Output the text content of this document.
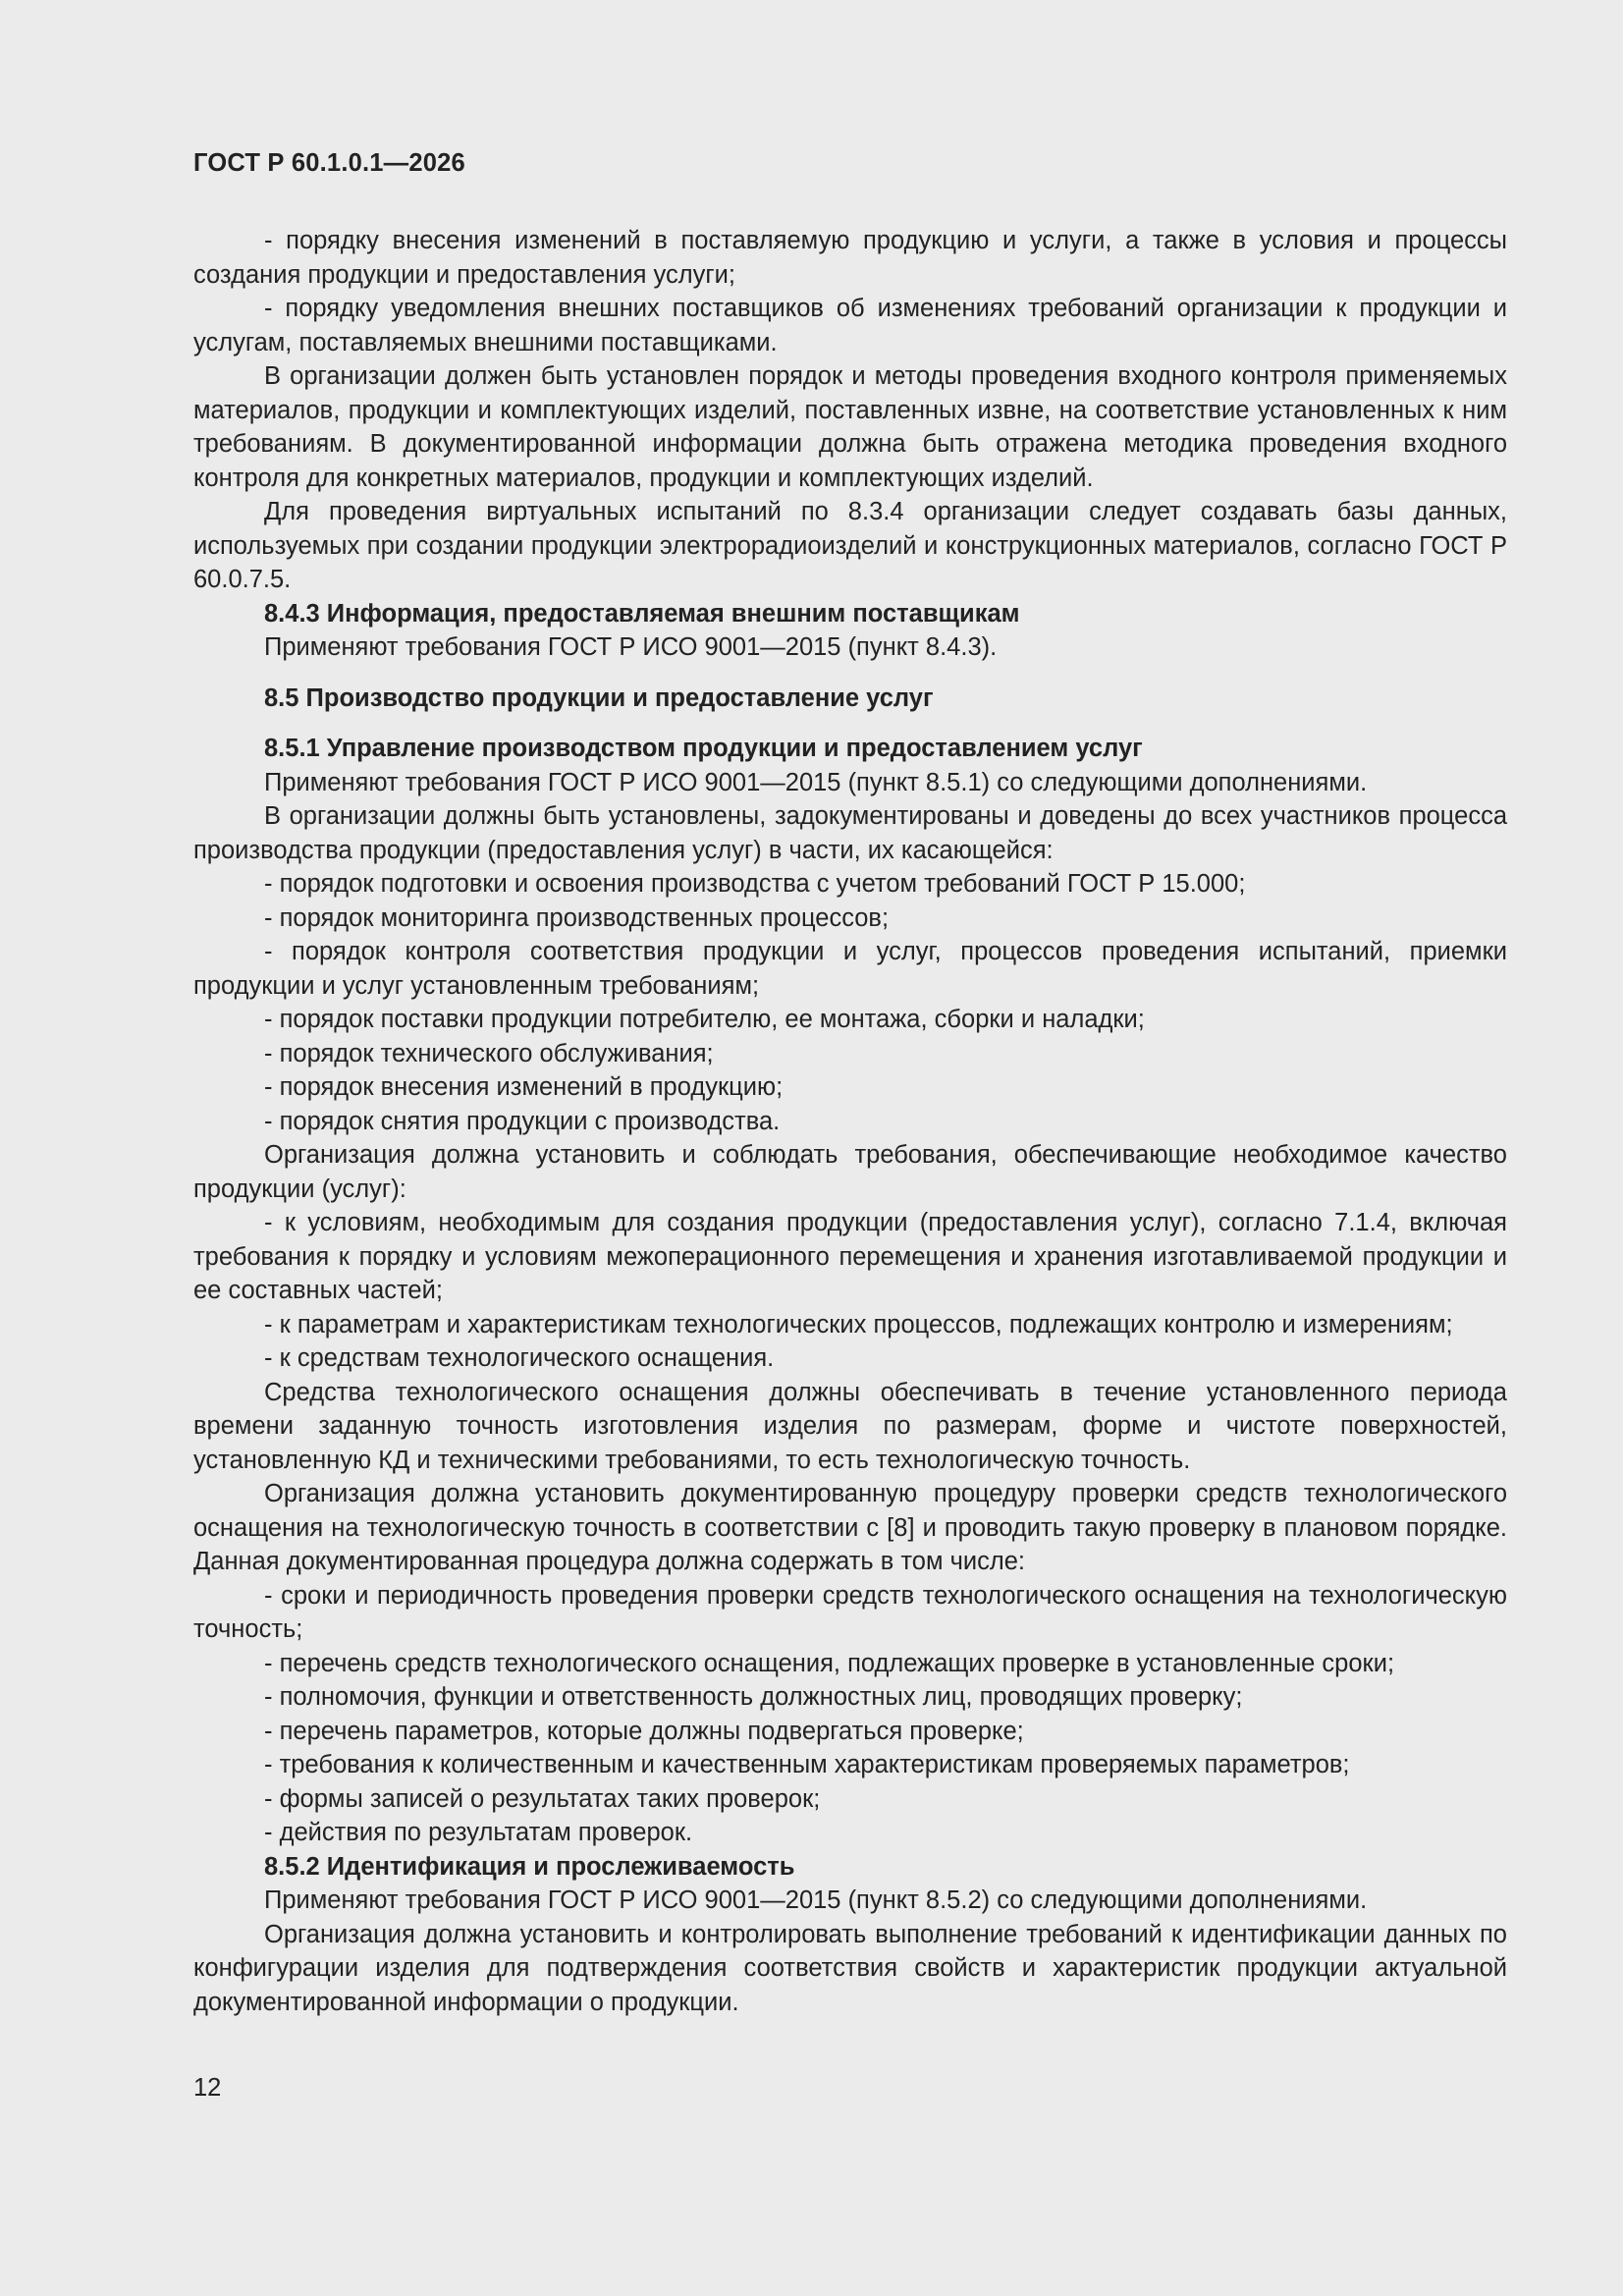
ГОСТ Р 60.1.0.1—2026

- порядку внесения изменений в поставляемую продукцию и услуги, а также в условия и процессы создания продукции и предоставления услуги;

- порядку уведомления внешних поставщиков об изменениях требований организации к продукции и услугам, поставляемых внешними поставщиками.

В организации должен быть установлен порядок и методы проведения входного контроля применяемых материалов, продукции и комплектующих изделий, поставленных извне, на соответствие установленных к ним требованиям. В документированной информации должна быть отражена методика проведения входного контроля для конкретных материалов, продукции и комплектующих изделий.

Для проведения виртуальных испытаний по 8.3.4 организации следует создавать базы данных, используемых при создании продукции электрорадиоизделий и конструкционных материалов, согласно ГОСТ Р 60.0.7.5.

8.4.3 Информация, предоставляемая внешним поставщикам

Применяют требования ГОСТ Р ИСО 9001—2015 (пункт 8.4.3).

8.5 Производство продукции и предоставление услуг

8.5.1 Управление производством продукции и предоставлением услуг

Применяют требования ГОСТ Р ИСО 9001—2015 (пункт 8.5.1) со следующими дополнениями.

В организации должны быть установлены, задокументированы и доведены до всех участников процесса производства продукции (предоставления услуг) в части, их касающейся:

- порядок подготовки и освоения производства с учетом требований ГОСТ Р 15.000;

- порядок мониторинга производственных процессов;

- порядок контроля соответствия продукции и услуг, процессов проведения испытаний, приемки продукции и услуг установленным требованиям;

- порядок поставки продукции потребителю, ее монтажа, сборки и наладки;

- порядок технического обслуживания;

- порядок внесения изменений в продукцию;

- порядок снятия продукции с производства.

Организация должна установить и соблюдать требования, обеспечивающие необходимое качество продукции (услуг):

- к условиям, необходимым для создания продукции (предоставления услуг), согласно 7.1.4, включая требования к порядку и условиям межоперационного перемещения и хранения изготавливаемой продукции и ее составных частей;

- к параметрам и характеристикам технологических процессов, подлежащих контролю и измерениям;

- к средствам технологического оснащения.

Средства технологического оснащения должны обеспечивать в течение установленного периода времени заданную точность изготовления изделия по размерам, форме и чистоте поверхностей, установленную КД и техническими требованиями, то есть технологическую точность.

Организация должна установить документированную процедуру проверки средств технологического оснащения на технологическую точность в соответствии с [8] и проводить такую проверку в плановом порядке. Данная документированная процедура должна содержать в том числе:

- сроки и периодичность проведения проверки средств технологического оснащения на технологическую точность;

- перечень средств технологического оснащения, подлежащих проверке в установленные сроки;

- полномочия, функции и ответственность должностных лиц, проводящих проверку;

- перечень параметров, которые должны подвергаться проверке;

- требования к количественным и качественным характеристикам проверяемых параметров;

- формы записей о результатах таких проверок;

- действия по результатам проверок.

8.5.2 Идентификация и прослеживаемость

Применяют требования ГОСТ Р ИСО 9001—2015 (пункт 8.5.2) со следующими дополнениями.

Организация должна установить и контролировать выполнение требований к идентификации данных по конфигурации изделия для подтверждения соответствия свойств и характеристик продукции актуальной документированной информации о продукции.

12
